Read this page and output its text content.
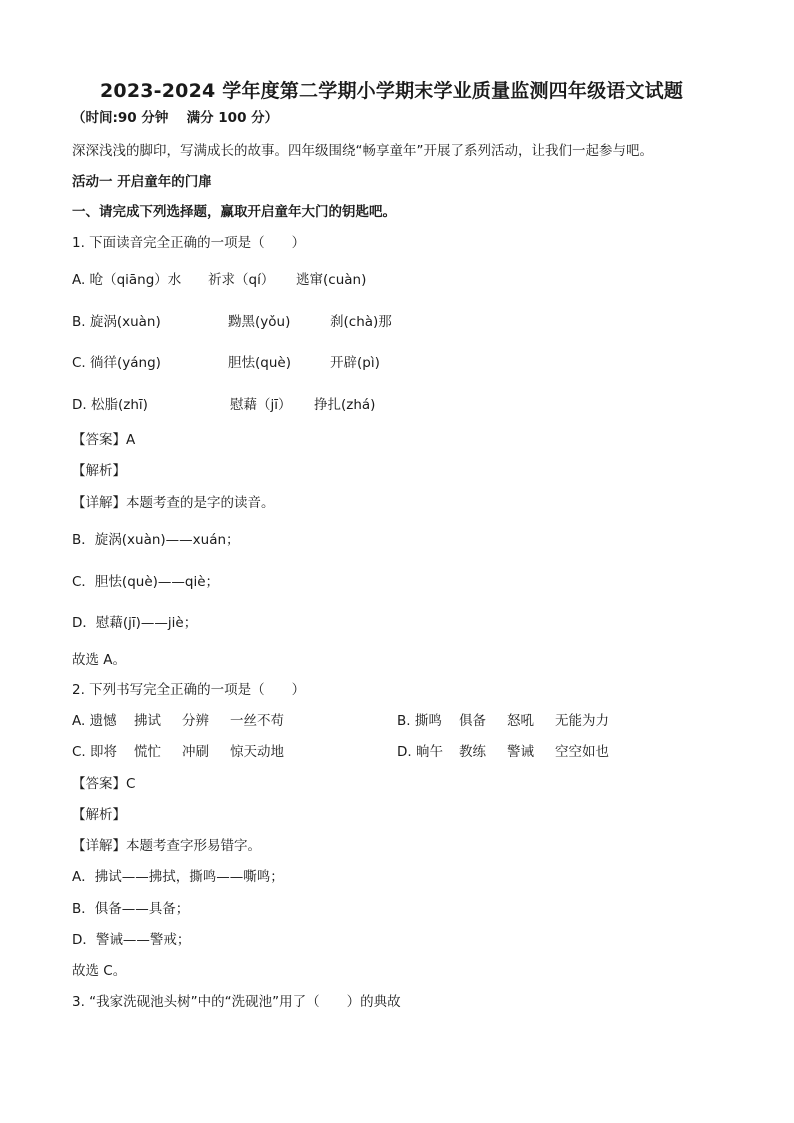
2023-2024 学年度第二学期小学期末学业质量监测四年级语文试题
（时间:90 分钟　 满分 100 分）
深深浅浅的脚印，写满成长的故事。四年级围绕“畅享童年”开展了系列活动，让我们一起参与吧。
活动一 开启童年的门扉
一、请完成下列选择题，赢取开启童年大门的钥匙吧。
1. 下面读音完全正确的一项是（　　）
A. 呛（qiāng）水 祈求（qí） 逃窜(cuàn)
B. 旋涡(xuàn)	黝黑(yǒu)	刹(chà)那
C. 徜徉(yáng)	胆怯(què)	开辟(pì)
D. 松脂(zhī)	慰藉（jī） 挣扎(zhá)
【答案】A
【解析】
【详解】本题考查的是字的读音。
B．旋涡(xuàn)——xuán；
C．胆怯(què)——qiè；
D．慰藉(jī)——jiè；
故选 A。
2. 下列书写完全正确的一项是（　　）
A. 遗憾 拂试 分辨 一丝不苟	B. 撕鸣 俱备 怒吼 无能为力
C. 即将 慌忙 冲刷 惊天动地	D. 晌午 教练 警诫 空空如也
【答案】C
【解析】
【详解】本题考查字形易错字。
A．拂试——拂拭，撕鸣——嘶鸣；
B．俱备——具备；
D．警诫——警戒；
故选 C。
3. “我家洗砚池头树”中的“洗砚池”用了（　　）的典故
